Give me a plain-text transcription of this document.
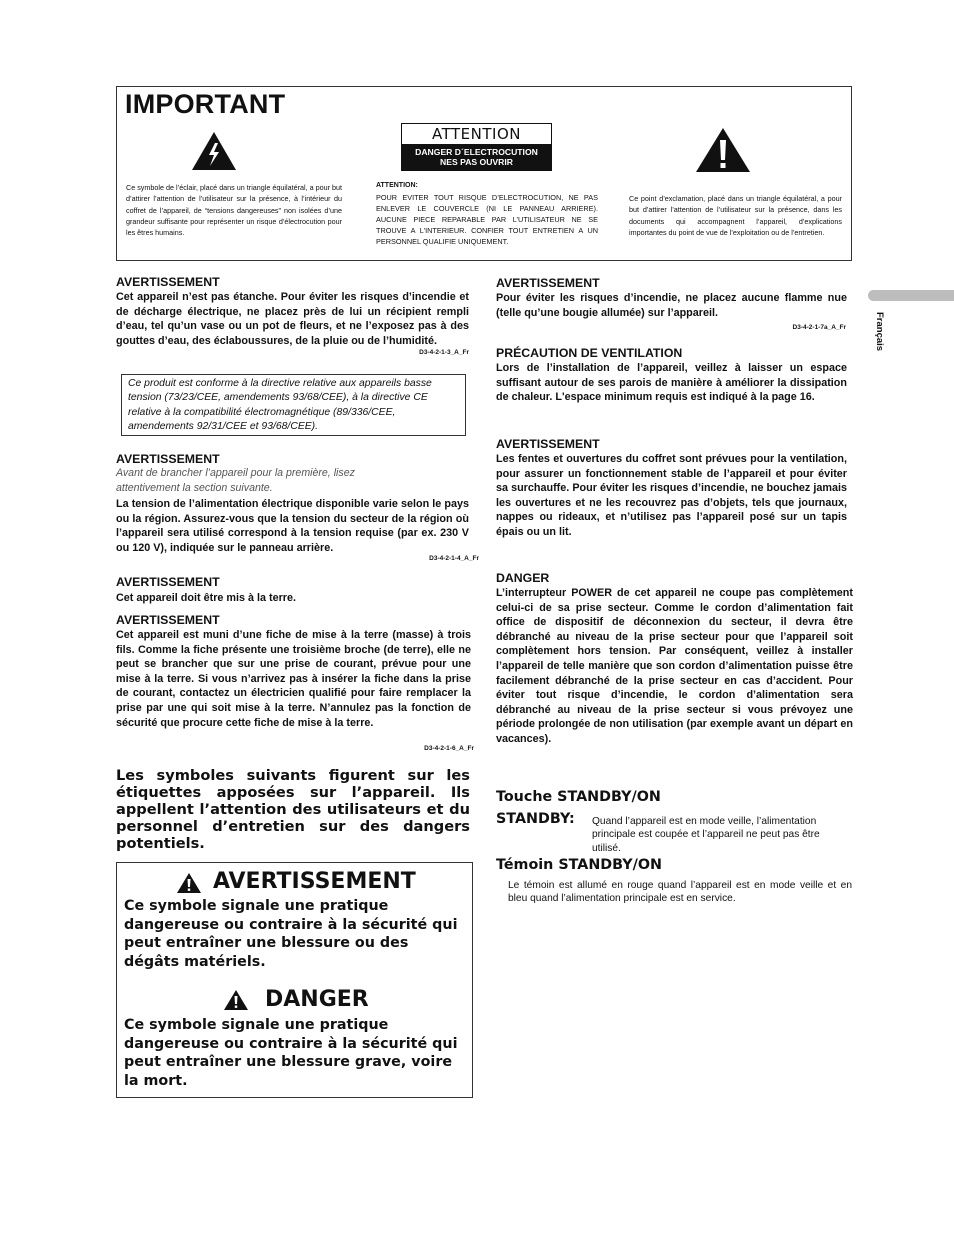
IMPORTANT
Ce symbole de l’éclair, placé dans un triangle équilatéral, a pour but d’attirer l’attention de l’utilisateur sur la présence, à l’intérieur du coffret de l’appareil, de “tensions dangereuses” non isolées d’une grandeur suffisante pour représenter un risque d’électrocution pour les êtres humains.
ATTENTION
DANGER D´ELECTROCUTION
NES PAS OUVRIR
ATTENTION:
POUR EVITER TOUT RISQUE D’ELECTROCUTION, NE PAS ENLEVER LE COUVERCLE (NI LE PANNEAU ARRIERE). AUCUNE PIECE REPARABLE PAR L’UTILISATEUR NE SE TROUVE A L’INTERIEUR. CONFIER TOUT ENTRETIEN A UN PERSONNEL QUALIFIE UNIQUEMENT.
Ce point d’exclamation, placé dans un triangle équilatéral, a pour but d’attirer l’attention de l’utilisateur sur la présence, dans les documents qui accompagnent l’appareil, d’explications importantes du point de vue de l’exploitation ou de l’entretien.
Français
AVERTISSEMENT
Cet appareil n’est pas étanche. Pour éviter les risques d’incendie et de décharge électrique, ne placez près de lui un récipient rempli d’eau, tel qu’un vase ou un pot de fleurs, et ne l’exposez pas à des gouttes d’eau, des éclaboussures, de la pluie ou de l’humidité.
D3-4-2-1-3_A_Fr
Ce produit est conforme à la directive relative aux appareils basse tension (73/23/CEE, amendements 93/68/CEE), à la directive CE relative à la compatibilité électromagnétique (89/336/CEE, amendements 92/31/CEE et 93/68/CEE).
AVERTISSEMENT
Avant de brancher l’appareil pour la première, lisez attentivement la section suivante.
La tension de l’alimentation électrique disponible varie selon le pays ou la région. Assurez-vous que la tension du secteur de la région où l’appareil sera utilisé correspond à la tension requise (par ex. 230 V ou 120 V), indiquée sur le panneau arrière.
D3-4-2-1-4_A_Fr
AVERTISSEMENT
Cet appareil doit être mis à la terre.
AVERTISSEMENT
Cet appareil est muni d’une fiche de mise à la terre (masse) à trois fils. Comme la fiche présente une troisième broche (de terre), elle ne peut se brancher que sur une prise de courant, prévue pour une mise à la terre. Si vous n’arrivez pas à insérer la fiche dans la prise de courant, contactez un électricien qualifié pour faire remplacer la prise par une qui soit mise à la terre. N’annulez pas la fonction de sécurité que procure cette fiche de mise à la terre.
D3-4-2-1-6_A_Fr
Les symboles suivants figurent sur les étiquettes apposées sur l’appareil. Ils appellent l’attention des utilisateurs et du personnel d’entretien sur des dangers potentiels.
AVERTISSEMENT
Ce symbole signale une pratique dangereuse ou contraire à la sécurité qui peut entraîner une blessure ou des dégâts matériels.
DANGER
Ce symbole signale une pratique dangereuse ou contraire à la sécurité qui peut entraîner une blessure grave, voire la mort.
AVERTISSEMENT
Pour éviter les risques d’incendie, ne placez aucune flamme nue (telle qu’une bougie allumée) sur l’appareil.
D3-4-2-1-7a_A_Fr
PRÉCAUTION DE VENTILATION
Lors de l’installation de l’appareil, veillez à laisser un espace suffisant autour de ses parois de manière à améliorer la dissipation de chaleur. L'espace minimum requis est indiqué à la page 16.
AVERTISSEMENT
Les fentes et ouvertures du coffret sont prévues pour la ventilation, pour assurer un fonctionnement stable de l’appareil et pour éviter sa surchauffe. Pour éviter les risques d’incendie, ne bouchez jamais les ouvertures et ne les recouvrez pas d’objets, tels que journaux, nappes ou rideaux, et n’utilisez pas l’appareil posé sur un tapis épais ou un lit.
DANGER
L’interrupteur POWER de cet appareil ne coupe pas complètement celui-ci de sa prise secteur. Comme le cordon d’alimentation fait office de dispositif de déconnexion du secteur, il devra être débranché au niveau de la prise secteur pour que l’appareil soit complètement hors tension. Par conséquent, veillez à installer l’appareil de telle manière que son cordon d’alimentation puisse être facilement débranché de la prise secteur en cas d’accident. Pour éviter tout risque d’incendie, le cordon d’alimentation sera débranché au niveau de la prise secteur si vous prévoyez une période prolongée de non utilisation (par exemple avant un départ en vacances).
Touche STANDBY/ON
STANDBY: Quand l’appareil est en mode veille, l’alimentation principale est coupée et l’appareil ne peut pas être utilisé.
Témoin STANDBY/ON
Le témoin est allumé en rouge quand l’appareil est en mode veille et en bleu quand l’alimentation principale est en service.
